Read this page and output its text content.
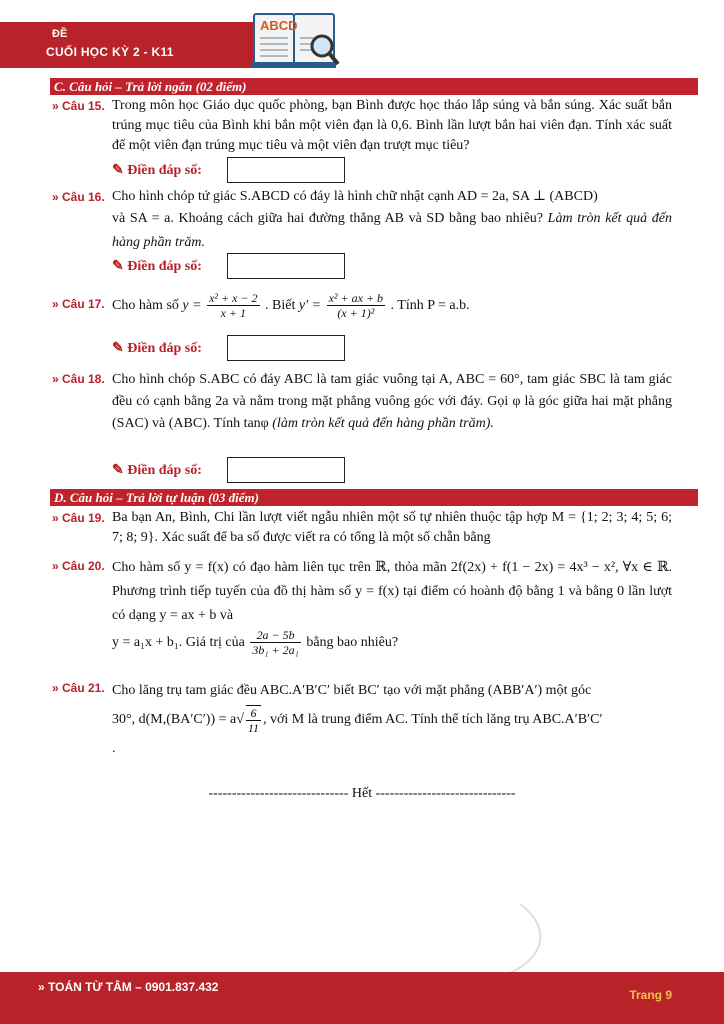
ĐỀ
CUỐI HỌC KỲ 2 - K11
ABCD
C. Câu hỏi – Trả lời ngắn (02 điểm)
» Câu 15. Trong môn học Giáo dục quốc phòng, bạn Bình được học tháo lắp súng và bắn súng. Xác suất bắn trúng mục tiêu của Bình khi bắn một viên đạn là 0,6. Bình lần lượt bắn hai viên đạn. Tính xác suất để một viên đạn trúng mục tiêu và một viên đạn trượt mục tiêu?
✎ Điền đáp số:
» Câu 16. Cho hình chóp tứ giác S.ABCD có đáy là hình chữ nhật cạnh AD = 2a, SA ⊥ (ABCD)
và SA = a. Khoảng cách giữa hai đường thẳng AB và SD bằng bao nhiêu? Làm tròn kết quả đến hàng phần trăm.
✎ Điền đáp số:
» Câu 17. Cho hàm số $y = \frac{\text{x² + x − 2}}{x + 1}$ . Biết $y' = \frac{\text{x² + ax + b}}{\text{(x + 1)²}}$ . Tính P = a.b.
✎ Điền đáp số:
» Câu 18. Cho hình chóp S.ABC có đáy ABC là tam giác vuông tại A, ABC = 60°, tam giác SBC là tam giác đều có cạnh bằng 2a và nằm trong mặt phẳng vuông góc với đáy. Gọi φ là góc giữa hai mặt phẳng (SAC) và (ABC). Tính tanφ (làm tròn kết quả đến hàng phần trăm).
✎ Điền đáp số:
D. Câu hỏi – Trả lời tự luận (03 điểm)
» Câu 19. Ba bạn An, Bình, Chi lần lượt viết ngẫu nhiên một số tự nhiên thuộc tập hợp M = {1; 2; 3; 4; 5; 6; 7; 8; 9}. Xác suất để ba số được viết ra có tổng là một số chẵn bằng
» Câu 20. Cho hàm số y = f(x) có đạo hàm liên tục trên ℝ, thỏa mãn 2f(2x) + f(1 − 2x) = 4x³ − x², ∀x ∈ ℝ. Phương trình tiếp tuyến của đồ thị hàm số y = f(x) tại điểm có hoành độ bằng 1 và bằng 0 lần lượt có dạng y = ax + b và
y = a₁x + b₁. Giá trị của $\frac{2a - 5b}{\text{3b₁ + 2a₁}}$ bằng bao nhiêu?
» Câu 21. Cho lăng trụ tam giác đều ABC.A′B′C′ biết BC′ tạo với mặt phẳng (ABB′A′) một góc
30°, $d(M,(BA'C')) = a√ \frac{6}{11}$ , với M là trung điểm AC. Tính thể tích lăng trụ ABC.A′B′C′
.
------------------------------ Hết ------------------------------
» TOÁN TỪ TÂM – 0901.837.432
Trang 9
